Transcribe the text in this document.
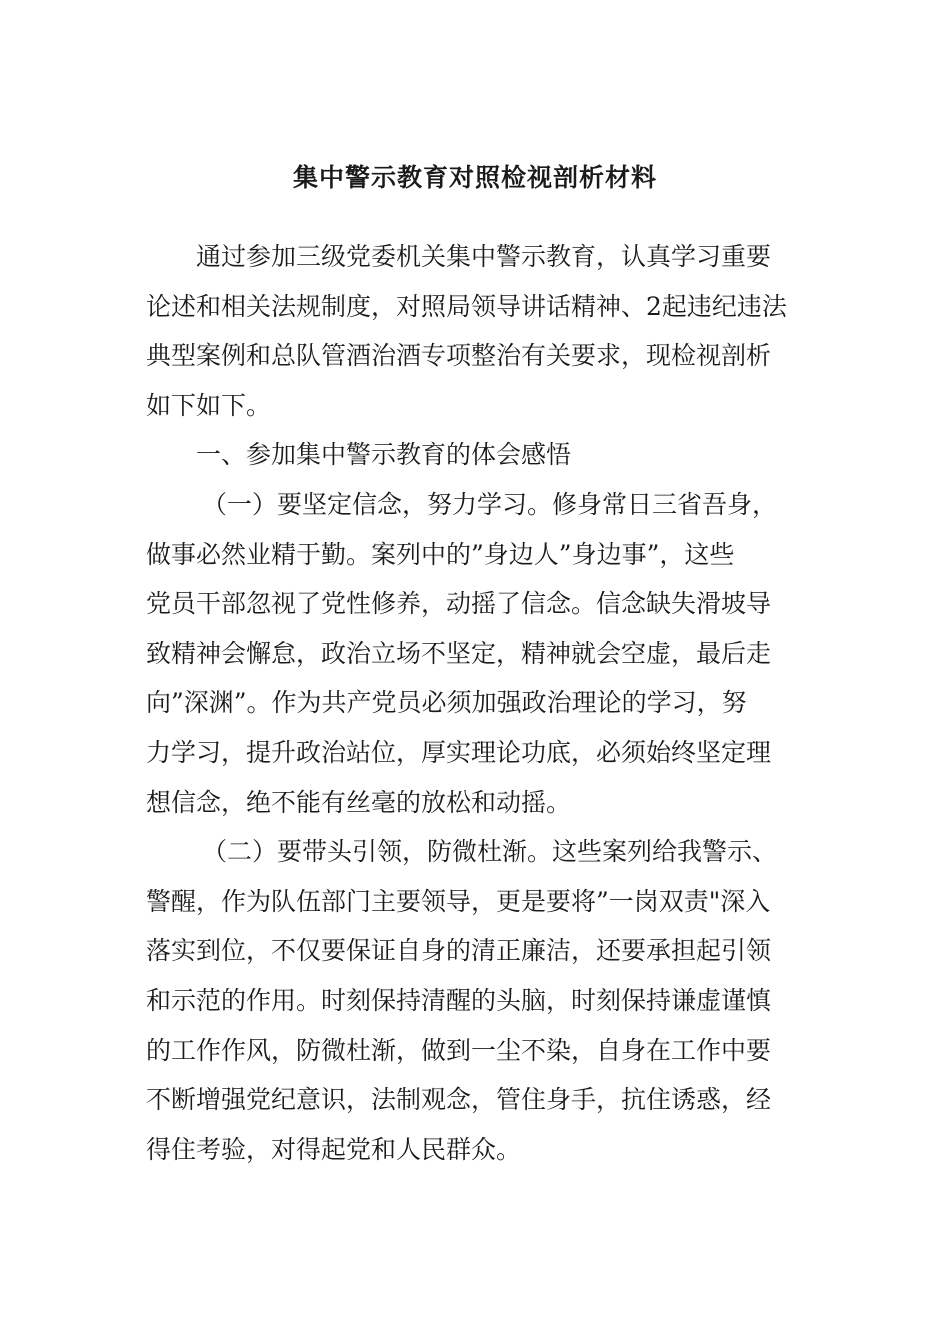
集中警示教育对照检视剖析材料
通过参加三级党委机关集中警示教育，认真学习重要
论述和相关法规制度，对照局领导讲话精神、2起违纪违法
典型案例和总队管酒治酒专项整治有关要求，现检视剖析
如下如下。
一、参加集中警示教育的体会感悟
（一）要坚定信念，努力学习。修身常日三省吾身，
做事必然业精于勤。案列中的”身边人”身边事”，这些
党员干部忽视了党性修养，动摇了信念。信念缺失滑坡导
致精神会懈怠，政治立场不坚定，精神就会空虚，最后走
向”深渊”。作为共产党员必须加强政治理论的学习，努
力学习，提升政治站位，厚实理论功底，必须始终坚定理
想信念，绝不能有丝毫的放松和动摇。
（二）要带头引领，防微杜渐。这些案列给我警示、
警醒，作为队伍部门主要领导，更是要将”一岗双责"深入
落实到位，不仅要保证自身的清正廉洁，还要承担起引领
和示范的作用。时刻保持清醒的头脑，时刻保持谦虚谨慎
的工作作风，防微杜渐，做到一尘不染，自身在工作中要
不断增强党纪意识，法制观念，管住身手，抗住诱惑，经
得住考验，对得起党和人民群众。
